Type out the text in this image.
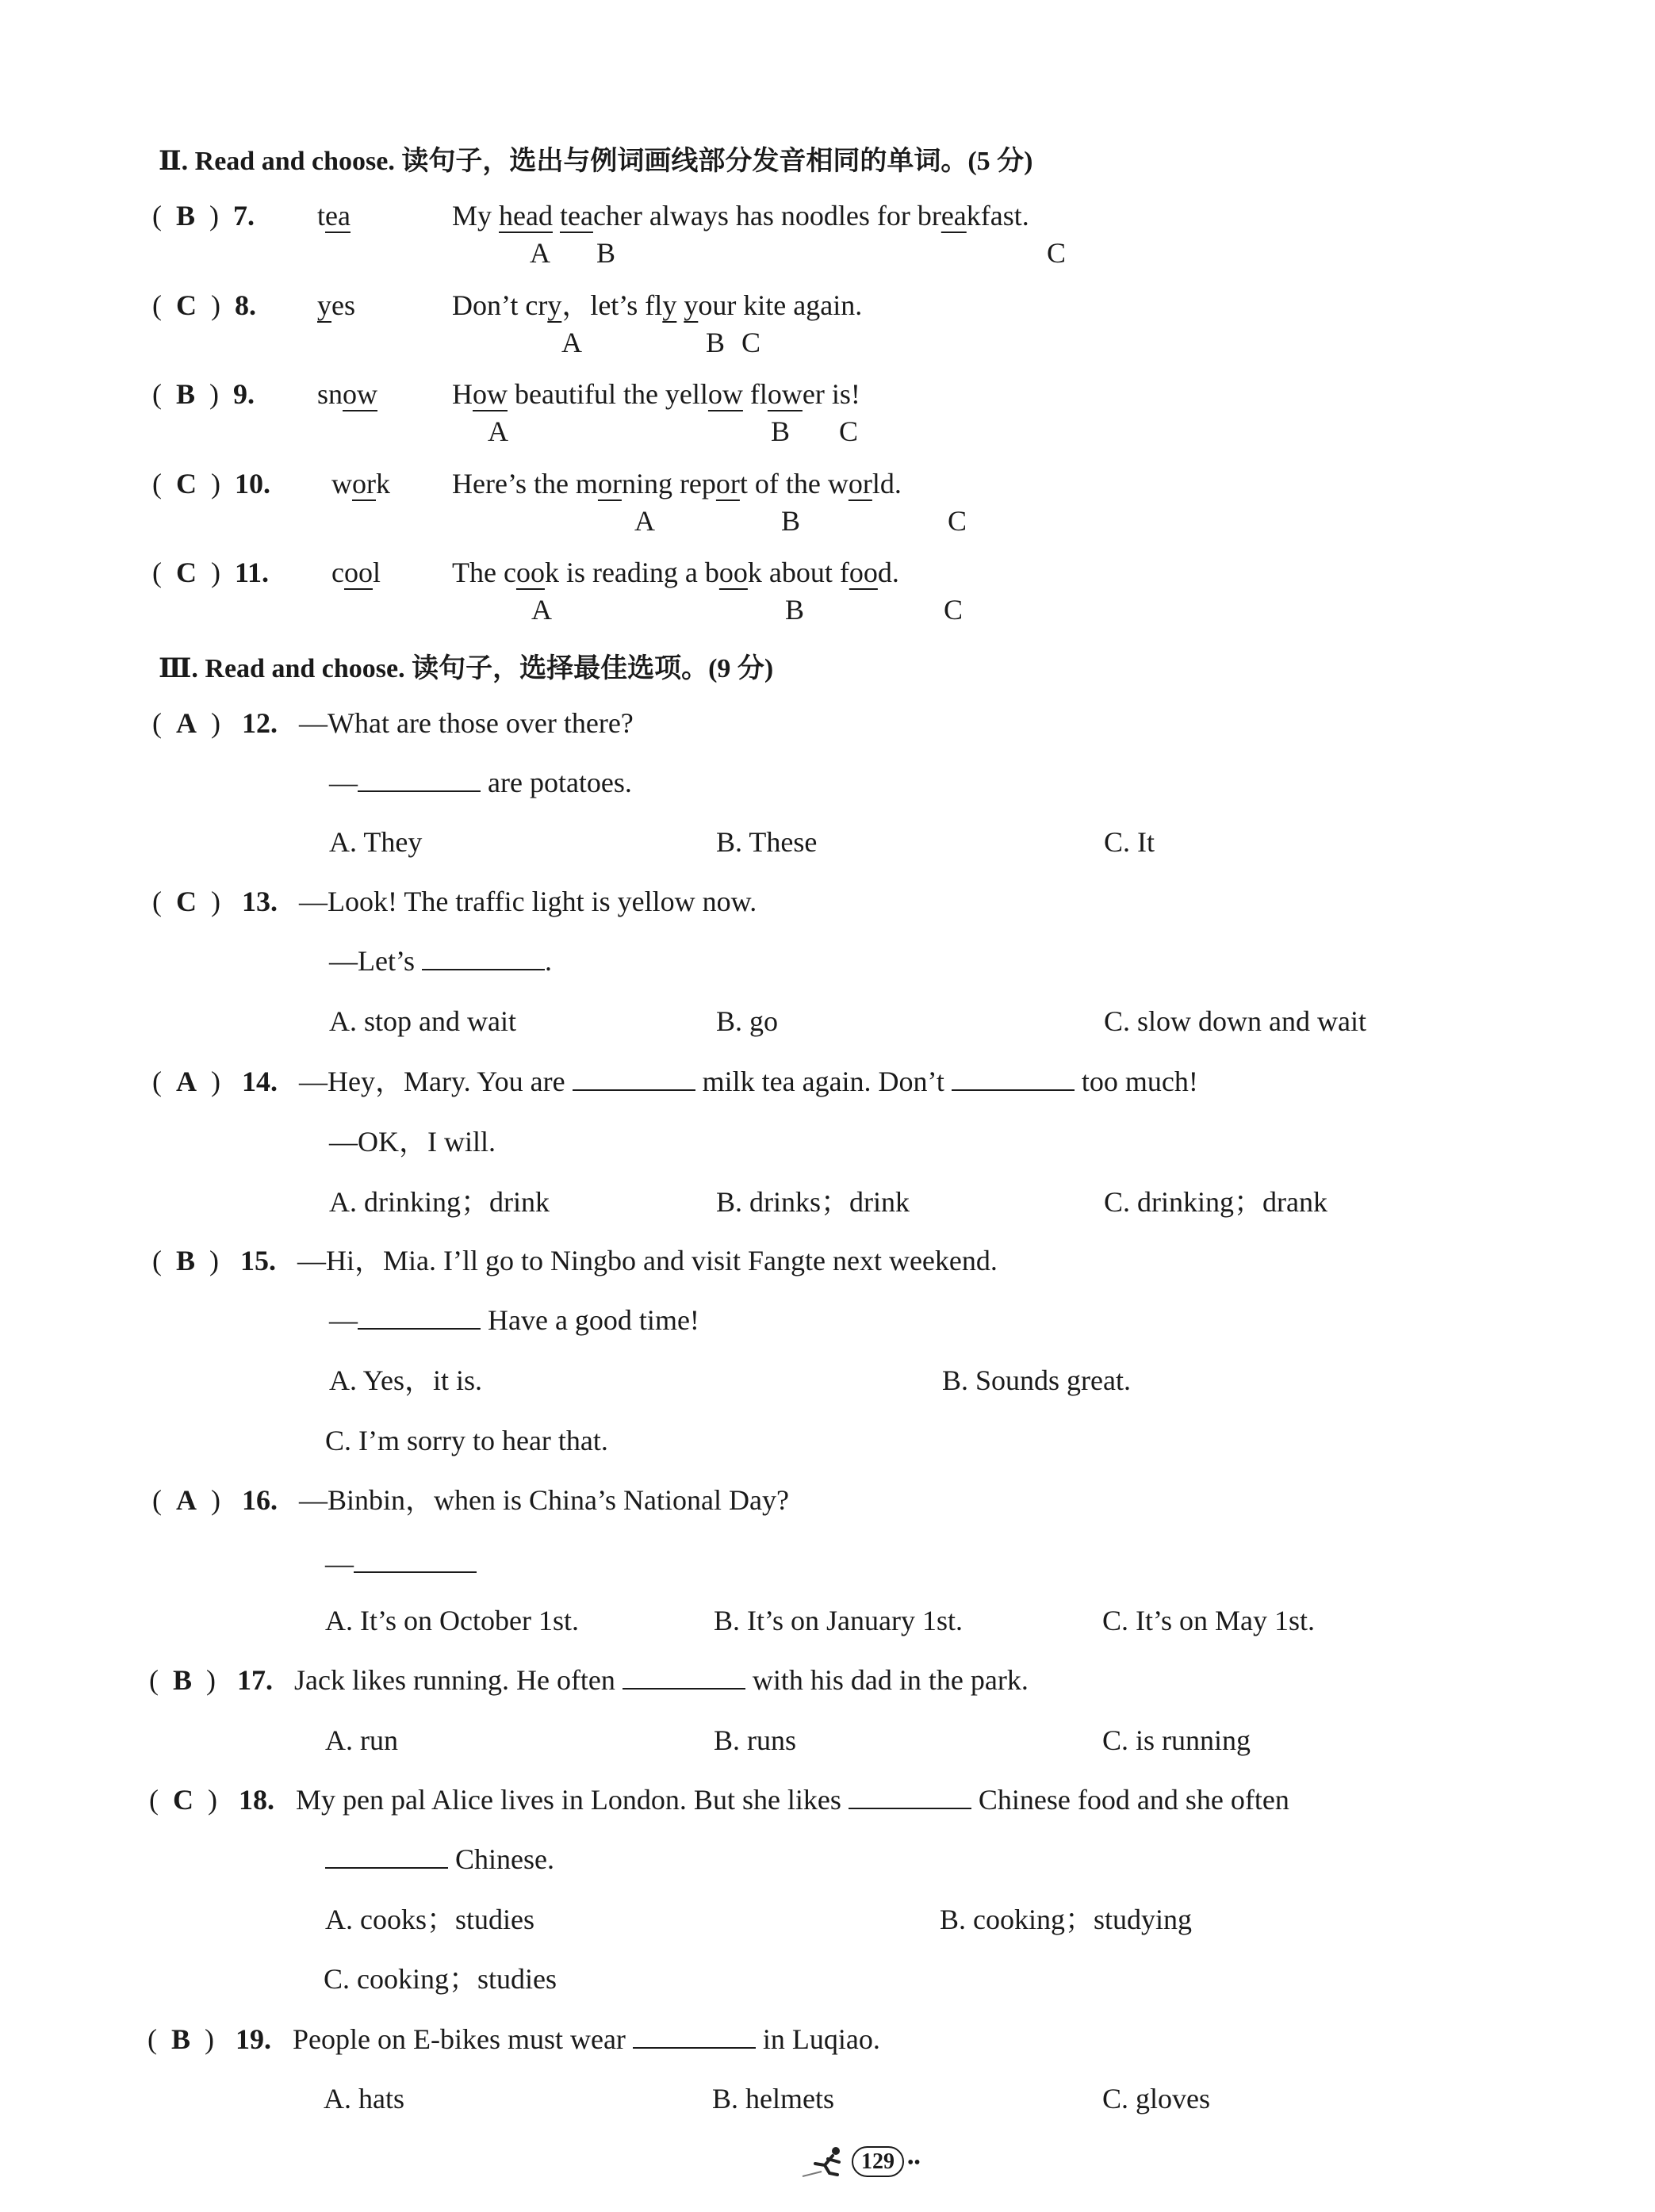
Ⅱ. Read and choose. 读句子，选出与例词画线部分发音相同的单词。(5 分)
( B ) 7. tea	My head teacher always has noodles for breakfast.
A B	C
( C ) 8. yes	Don’t cry，let’s fly your kite again.
A	B C
( B ) 9. snow	How beautiful the yellow flower is!
A	B C
( C ) 10. work Here’s the morning report of the world.
A	B	C
( C ) 11. cool	The cook is reading a book about food.
A	B	C
Ⅲ. Read and choose. 读句子，选择最佳选项。(9 分)
( A ) 12. —What are those over there?
—	are potatoes.
A. They	B. These	C. It
( C ) 13. —Look! The traffic light is yellow now.
—Let’s	.
A. stop and wait	B. go	C. slow down and wait
( A ) 14. —Hey，Mary. You are	milk tea again. Don’t	too much!
—OK，I will.
A. drinking；drink	B. drinks；drink	C. drinking；drank
( B ) 15. —Hi，Mia. I’ll go to Ningbo and visit Fangte next weekend.
—	Have a good time!
A. Yes，it is.	B. Sounds great.
C. I’m sorry to hear that.
( A ) 16. —Binbin，when is China’s National Day?
—
A. It’s on October 1st.	B. It’s on January 1st.	C. It’s on May 1st.
( B ) 17. Jack likes running. He often	with his dad in the park.
A. run	B. runs	C. is running
( C ) 18. My pen pal Alice lives in London. But she likes	Chinese food and she often
Chinese.
A. cooks；studies	B. cooking；studying
C. cooking；studies
( B ) 19. People on E-bikes must wear	in Luqiao.
A. hats	B. helmets	C. gloves
129 ••
